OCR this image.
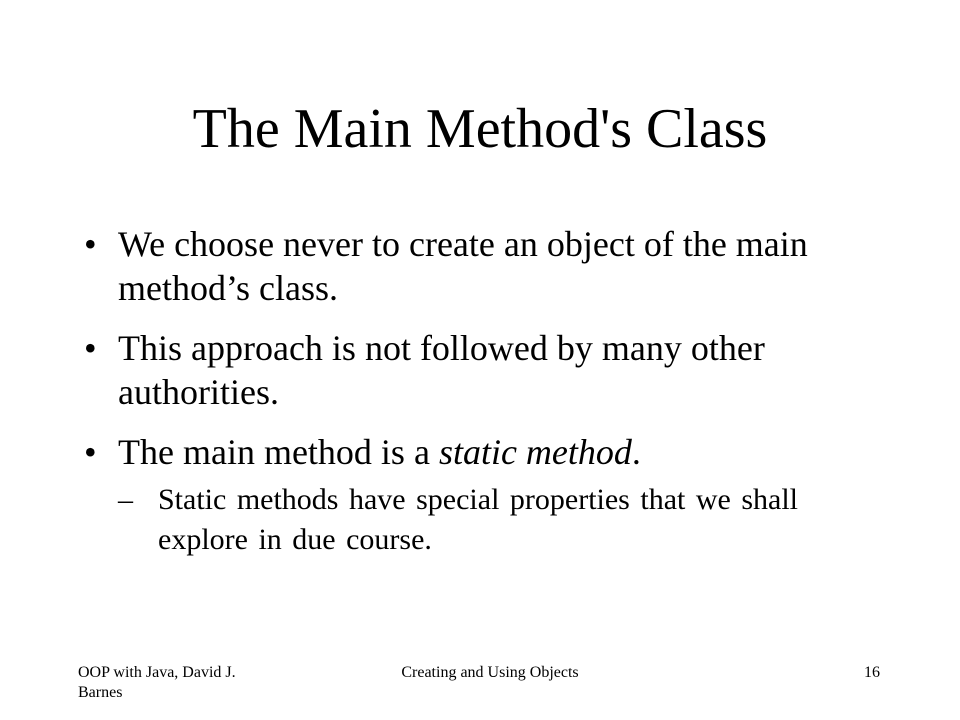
The Main Method's Class
• We choose never to create an object of the main method’s class.
• This approach is not followed by many other authorities.
• The main method is a static method.
– Static methods have special properties that we shall explore in due course.
OOP with Java, David J. Barnes
Creating and Using Objects	16
